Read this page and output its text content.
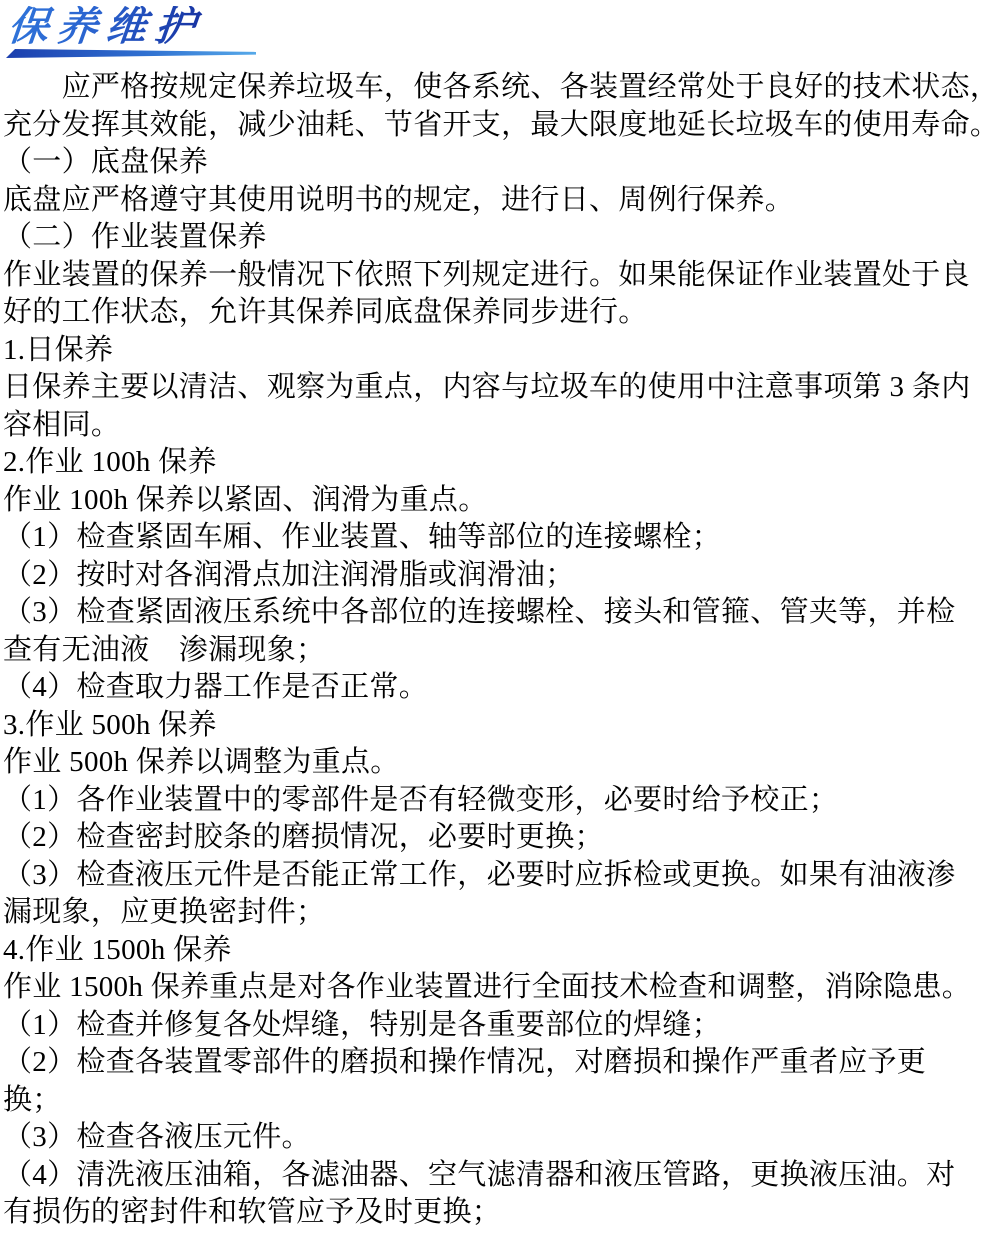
保养维护
　　应严格按规定保养垃圾车，使各系统、各装置经常处于良好的技术状态，
充分发挥其效能，减少油耗、节省开支，最大限度地延长垃圾车的使用寿命。
（一）底盘保养
底盘应严格遵守其使用说明书的规定，进行日、周例行保养。
（二）作业装置保养
作业装置的保养一般情况下依照下列规定进行。如果能保证作业装置处于良
好的工作状态，允许其保养同底盘保养同步进行。
1.日保养
日保养主要以清洁、观察为重点，内容与垃圾车的使用中注意事项第 3 条内
容相同。
2.作业 100h 保养
作业 100h 保养以紧固、润滑为重点。
（1）检查紧固车厢、作业装置、轴等部位的连接螺栓；
（2）按时对各润滑点加注润滑脂或润滑油；
（3）检查紧固液压系统中各部位的连接螺栓、接头和管箍、管夹等，并检
查有无油液　渗漏现象；
（4）检查取力器工作是否正常。
3.作业 500h 保养
作业 500h 保养以调整为重点。
（1）各作业装置中的零部件是否有轻微变形，必要时给予校正；
（2）检查密封胶条的磨损情况，必要时更换；
（3）检查液压元件是否能正常工作，必要时应拆检或更换。如果有油液渗
漏现象，应更换密封件；
4.作业 1500h 保养
作业 1500h 保养重点是对各作业装置进行全面技术检查和调整，消除隐患。
（1）检查并修复各处焊缝，特别是各重要部位的焊缝；
（2）检查各装置零部件的磨损和操作情况，对磨损和操作严重者应予更
换；
（3）检查各液压元件。
（4）清洗液压油箱，各滤油器、空气滤清器和液压管路，更换液压油。对
有损伤的密封件和软管应予及时更换；
